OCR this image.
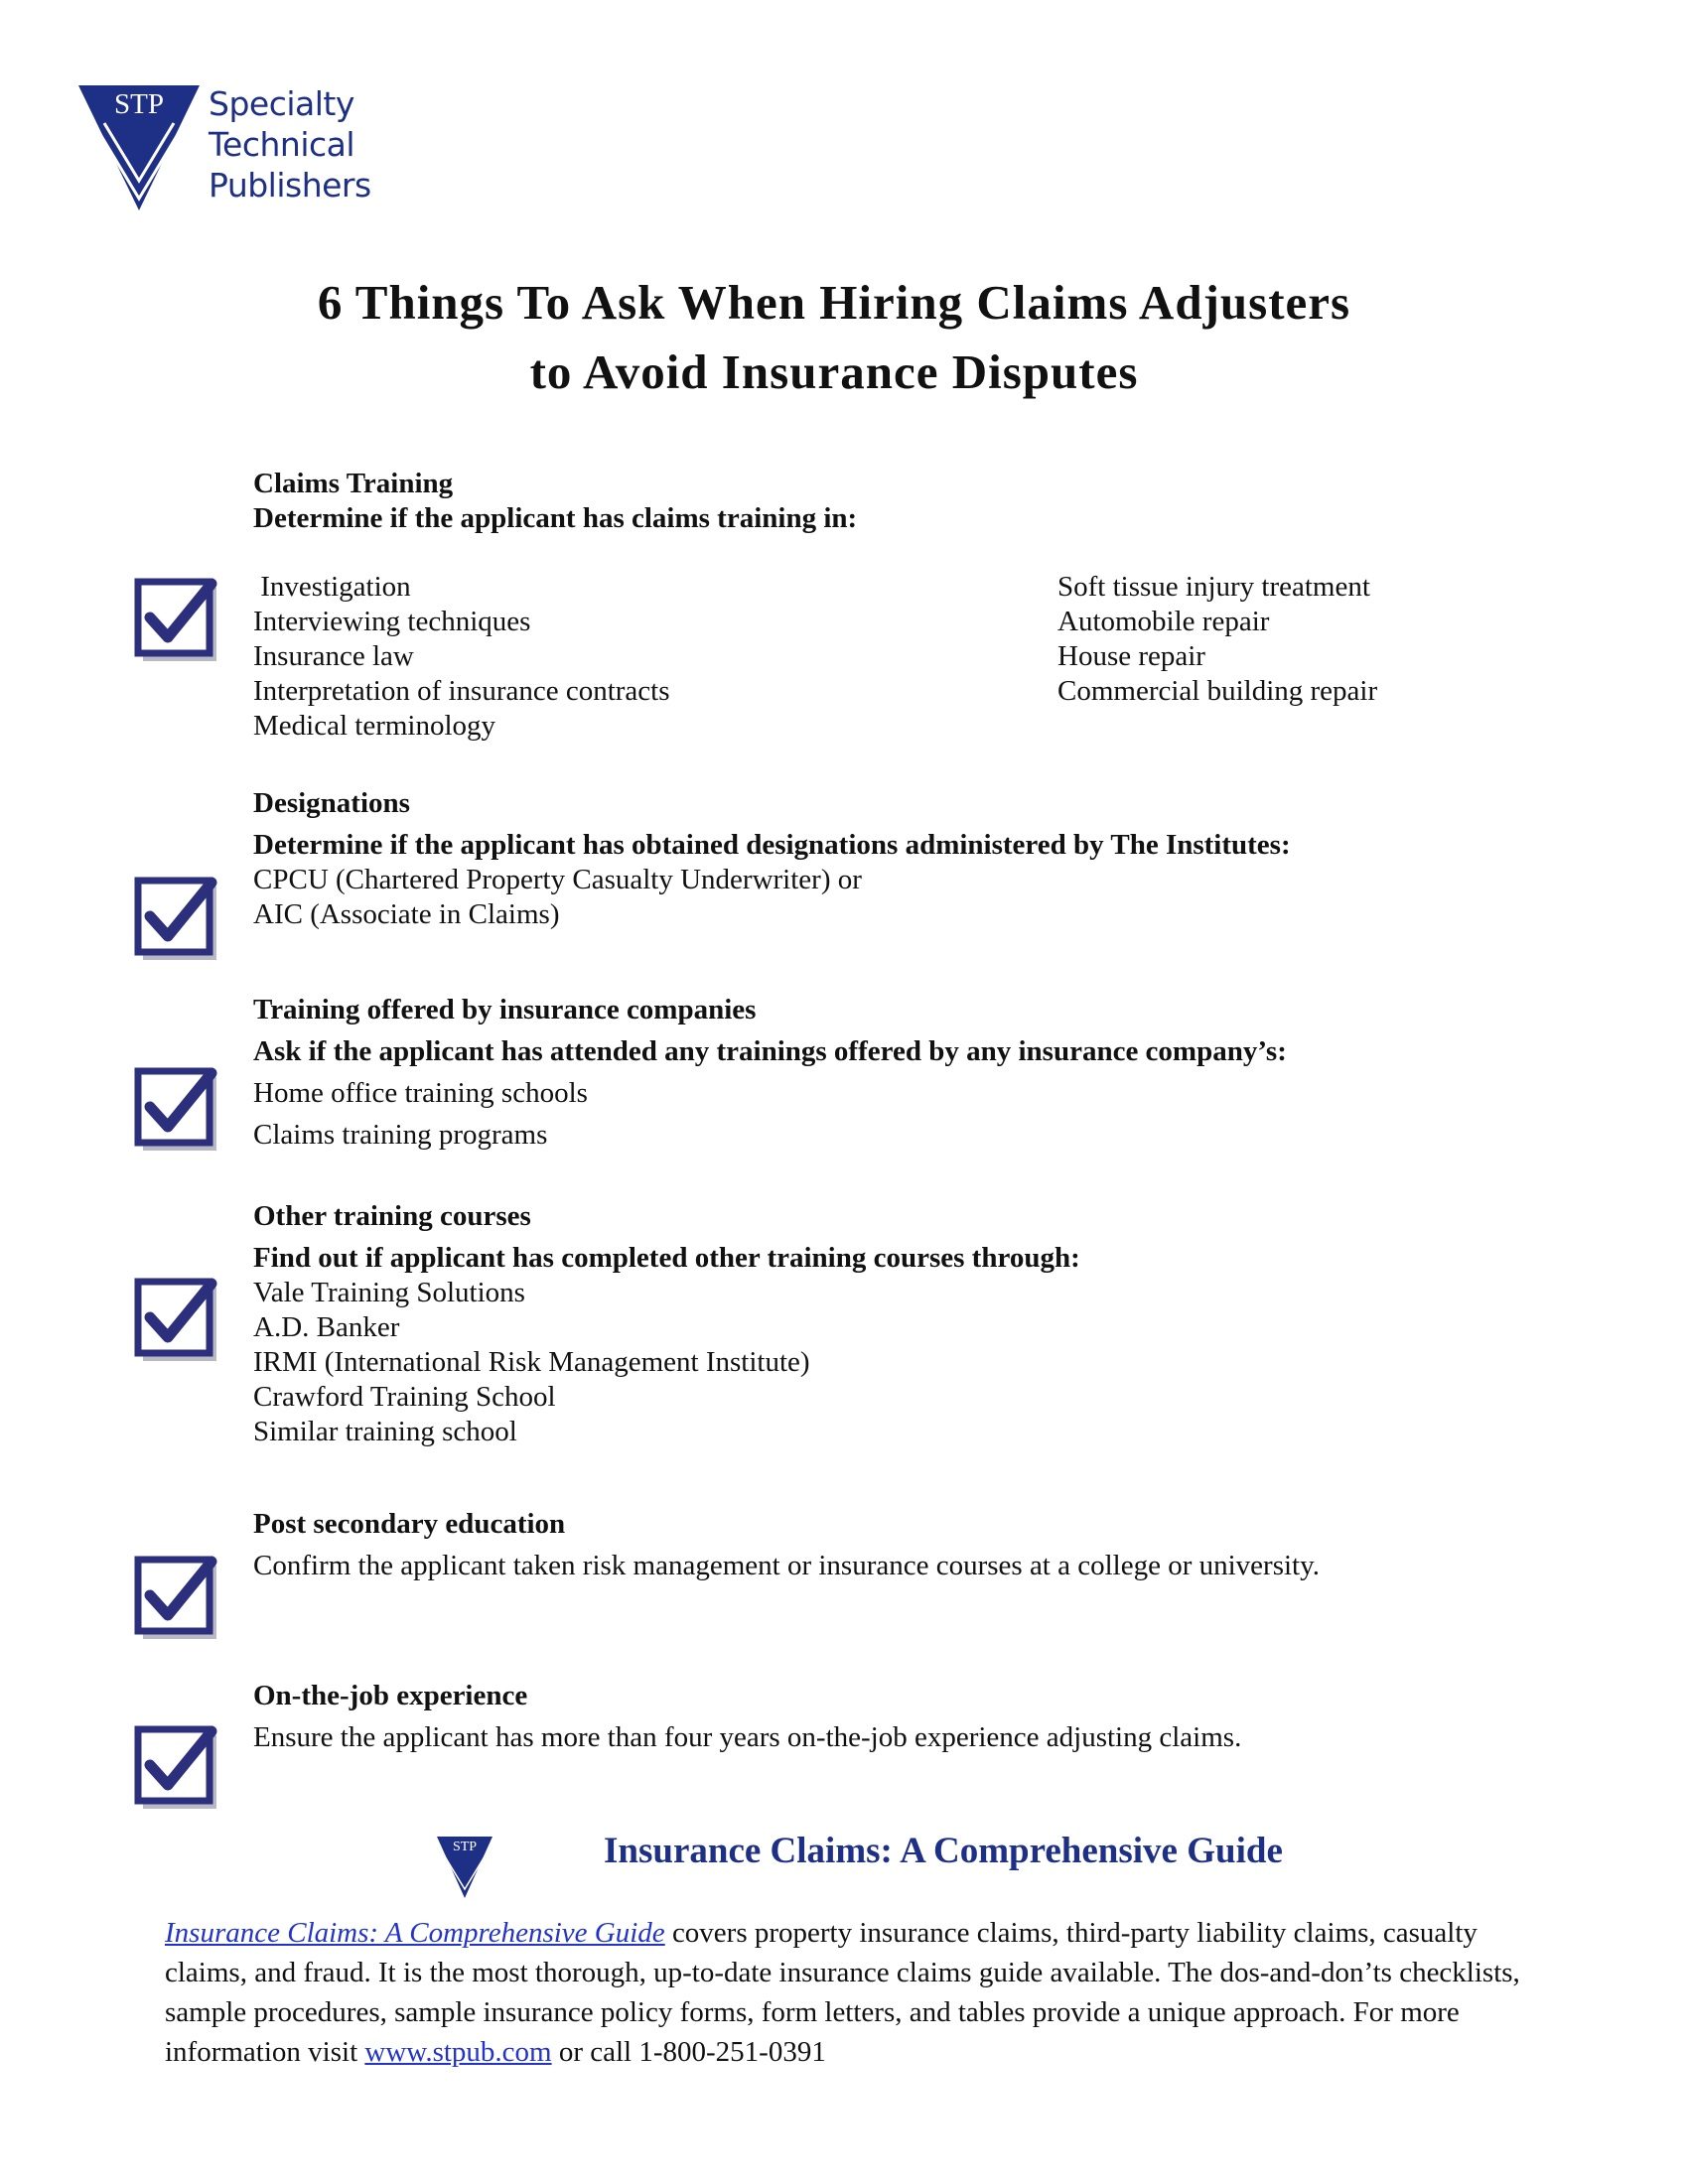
STP Specialty
Technical
Publishers
6 Things To Ask When Hiring Claims Adjusters
to Avoid Insurance Disputes
Claims Training
Determine if the applicant has claims training in:
Investigation
Interviewing techniques
Insurance law
Interpretation of insurance contracts
Medical terminology
Soft tissue injury treatment
Automobile repair
House repair
Commercial building repair
Designations
Determine if the applicant has obtained designations administered by The Institutes:
CPCU (Chartered Property Casualty Underwriter) or
AIC (Associate in Claims)
Training offered by insurance companies
Ask if the applicant has attended any trainings offered by any insurance company’s:
Home office training schools
Claims training programs
Other training courses
Find out if applicant has completed other training courses through:
Vale Training Solutions
A.D. Banker
IRMI (International Risk Management Institute)
Crawford Training School
Similar training school
Post secondary education
Confirm the applicant taken risk management or insurance courses at a college or university.
On-the-job experience
Ensure the applicant has more than four years on-the-job experience adjusting claims.
STP	Insurance Claims: A Comprehensive Guide
Insurance Claims: A Comprehensive Guide covers property insurance claims, third-party liability claims, casualty claims, and fraud. It is the most thorough, up-to-date insurance claims guide available. The dos-and-don’ts checklists, sample procedures, sample insurance policy forms, form letters, and tables provide a unique approach. For more information visit www.stpub.com or call 1-800-251-0391
